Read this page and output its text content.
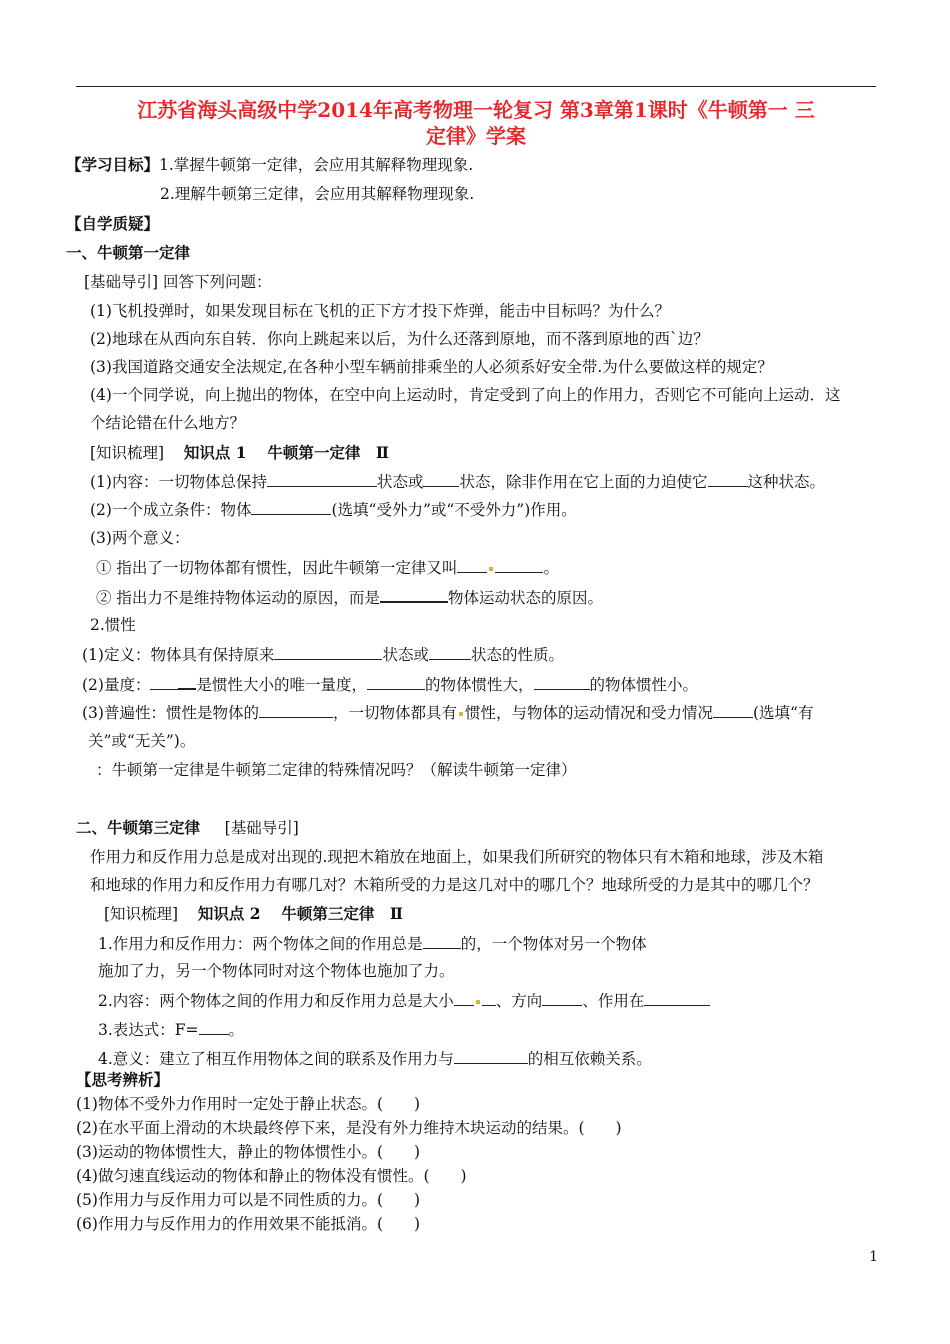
江苏省海头高级中学2014年高考物理一轮复习 第3章第1课时《牛顿第一 三
定律》学案
【学习目标】1.掌握牛顿第一定律，会应用其解释物理现象.
2.理解牛顿第三定律，会应用其解释物理现象.
【自学质疑】
一、牛顿第一定律
[基础导引] 回答下列问题：
(1)飞机投弹时，如果发现目标在飞机的正下方才投下炸弹，能击中目标吗？为什么？
(2)地球在从西向东自转．你向上跳起来以后，为什么还落到原地，而不落到原地的西`边？
(3)我国道路交通安全法规定,在各种小型车辆前排乘坐的人必须系好安全带.为什么要做这样的规定？
(4)一个同学说，向上抛出的物体，在空中向上运动时，肯定受到了向上的作用力，否则它不可能向上运动．这
个结论错在什么地方？
[知识梳理] 知识点 1　 牛顿第一定律　Ⅱ
(1)内容：一切物体总保持	状态或 状态，除非作用在它上面的力迫使它	这种状态。
(2)一个成立条件：物体	(选填“受外力”或“不受外力”)作用。
(3)两个意义：
① 指出了一切物体都有惯性，因此牛顿第一定律又叫	。
② 指出力不是维持物体运动的原因，而是	物体运动状态的原因。
2.惯性
(1)定义：物体具有保持原来	状态或	状态的性质。
(2)量度：	是惯性大小的唯一量度，	的物体惯性大，	的物体惯性小。
(3)普遍性：惯性是物体的	，一切物体都具有 惯性，与物体的运动情况和受力情况	(选填“有
关”或“无关”)。
：牛顿第一定律是牛顿第二定律的特殊情况吗？（解读牛顿第一定律）
二、牛顿第三定律 [基础导引]
作用力和反作用力总是成对出现的.现把木箱放在地面上，如果我们所研究的物体只有木箱和地球，涉及木箱
和地球的作用力和反作用力有哪几对？木箱所受的力是这几对中的哪几个？地球所受的力是其中的哪几个？
[知识梳理] 知识点 2　 牛顿第三定律　Ⅱ
1.作用力和反作用力：两个物体之间的作用总是 的，一个物体对另一个物体
施加了力，另一个物体同时对这个物体也施加了力。
2.内容：两个物体之间的作用力和反作用力总是大小	、方向	、作用在
3.表达式：F= 。
4.意义：建立了相互作用物体之间的联系及作用力与	的相互依赖关系。
【思考辨析】
(1)物体不受外力作用时一定处于静止状态。(　　)
(2)在水平面上滑动的木块最终停下来，是没有外力维持木块运动的结果。(　　)
(3)运动的物体惯性大，静止的物体惯性小。(　　)
(4)做匀速直线运动的物体和静止的物体没有惯性。(　　)
(5)作用力与反作用力可以是不同性质的力。(　　)
(6)作用力与反作用力的作用效果不能抵消。(　　)
1
